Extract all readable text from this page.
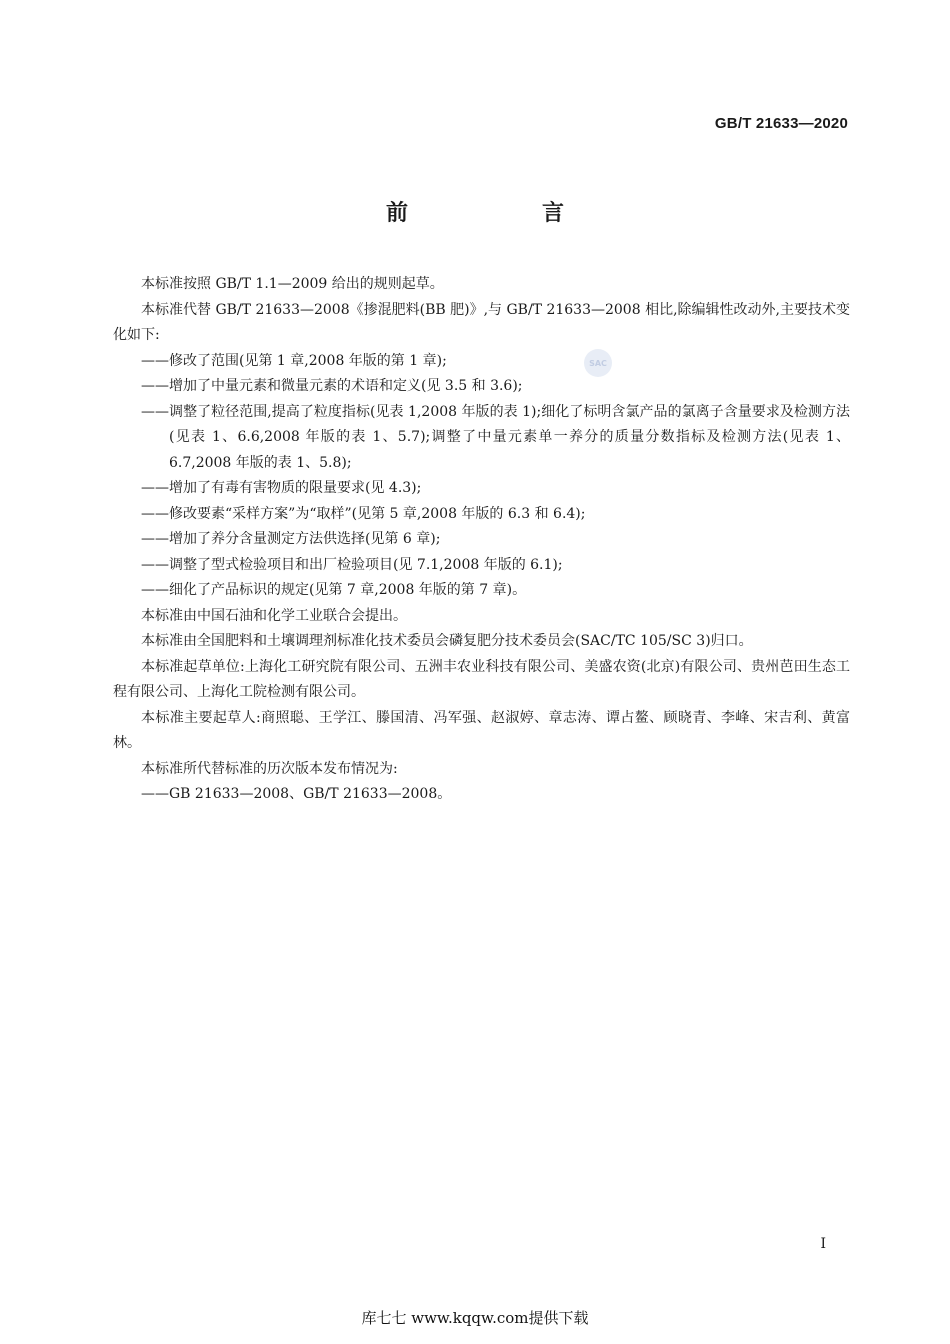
GB/T 21633—2020
前　言
SAC

本标准按照 GB/T 1.1—2009 给出的规则起草。

本标准代替 GB/T 21633—2008《掺混肥料(BB 肥)》,与 GB/T 21633—2008 相比,除编辑性改动外,主要技术变化如下:

——修改了范围(见第 1 章,2008 年版的第 1 章);

——增加了中量元素和微量元素的术语和定义(见 3.5 和 3.6);

——调整了粒径范围,提高了粒度指标(见表 1,2008 年版的表 1);细化了标明含氯产品的氯离子含量要求及检测方法(见表 1、6.6,2008 年版的表 1、5.7);调整了中量元素单一养分的质量分数指标及检测方法(见表 1、6.7,2008 年版的表 1、5.8);

——增加了有毒有害物质的限量要求(见 4.3);

——修改要素“采样方案”为“取样”(见第 5 章,2008 年版的 6.3 和 6.4);

——增加了养分含量测定方法供选择(见第 6 章);

——调整了型式检验项目和出厂检验项目(见 7.1,2008 年版的 6.1);

——细化了产品标识的规定(见第 7 章,2008 年版的第 7 章)。

本标准由中国石油和化学工业联合会提出。

本标准由全国肥料和土壤调理剂标准化技术委员会磷复肥分技术委员会(SAC/TC 105/SC 3)归口。

本标准起草单位:上海化工研究院有限公司、五洲丰农业科技有限公司、美盛农资(北京)有限公司、贵州芭田生态工程有限公司、上海化工院检测有限公司。

本标准主要起草人:商照聪、王学江、滕国清、冯军强、赵淑婷、章志涛、谭占鳌、顾晓青、李峰、宋吉利、黄富林。

本标准所代替标准的历次版本发布情况为:

——GB 21633—2008、GB/T 21633—2008。

I
库七七 www.kqqw.com提供下载
